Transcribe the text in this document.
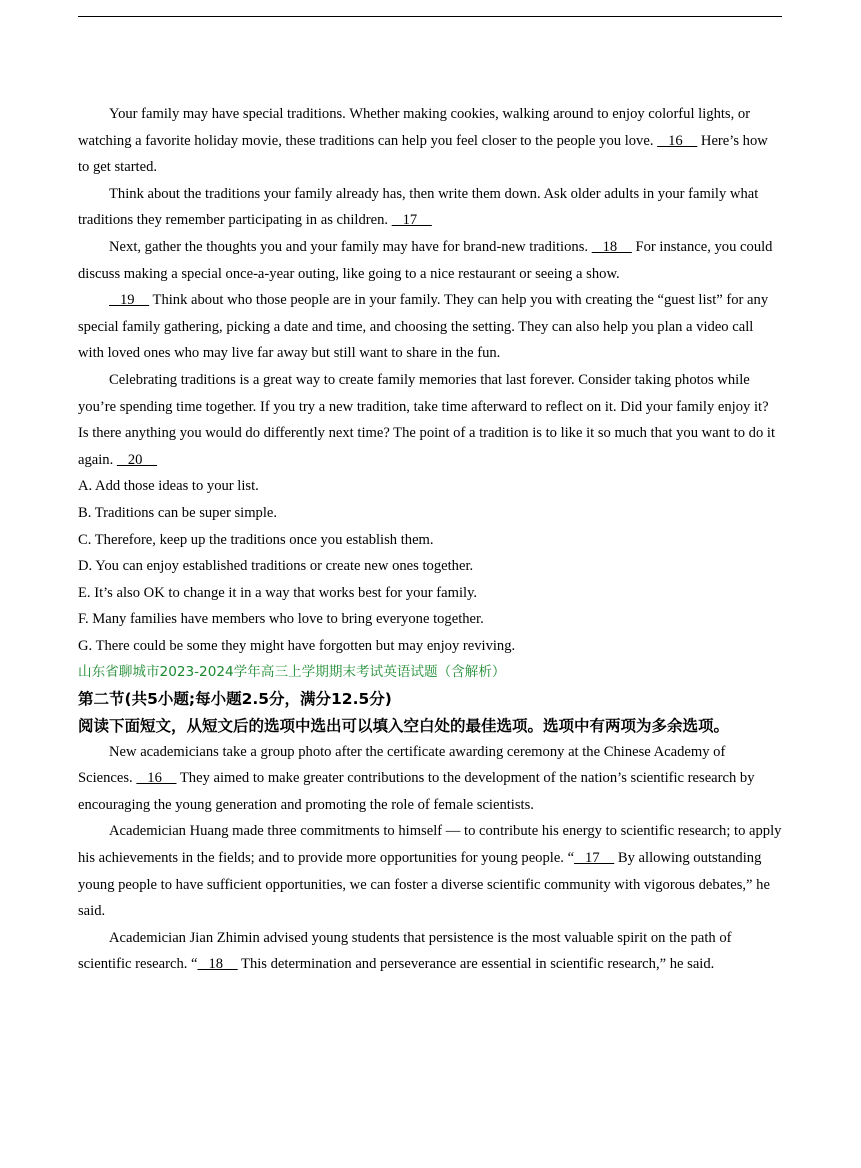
Your family may have special traditions. Whether making cookies, walking around to enjoy colorful lights, or watching a favorite holiday movie, these traditions can help you feel closer to the people you love.    16     Here’s how to get started.

Think about the traditions your family already has, then write them down. Ask older adults in your family what traditions they remember participating in as children.    17

Next, gather the thoughts you and your family may have for brand-new traditions.    18     For instance, you could discuss making a special once-a-year outing, like going to a nice restaurant or seeing a show.

19     Think about who those people are in your family. They can help you with creating the “guest list” for any special family gathering, picking a date and time, and choosing the setting. They can also help you plan a video call with loved ones who may live far away but still want to share in the fun.

Celebrating traditions is a great way to create family memories that last forever. Consider taking photos while you’re spending time together. If you try a new tradition, take time afterward to reflect on it. Did your family enjoy it? Is there anything you would do differently next time? The point of a tradition is to like it so much that you want to do it again.    20

A. Add those ideas to your list.

B. Traditions can be super simple.

C. Therefore, keep up the traditions once you establish them.

D. You can enjoy established traditions or create new ones together.

E. It’s also OK to change it in a way that works best for your family.

F. Many families have members who love to bring everyone together.

G. There could be some they might have forgotten but may enjoy reviving.

山东省聊城市2023-2024学年高三上学期期末考试英语试题（含解析）

第二节(共5小题;每小题2.5分，满分12.5分)

阅读下面短文，从短文后的选项中选出可以填入空白处的最佳选项。选项中有两项为多余选项。

New academicians take a group photo after the certificate awarding ceremony at the Chinese Academy of Sciences.    16     They aimed to make greater contributions to the development of the nation’s scientific research by encouraging the young generation and promoting the role of female scientists.

Academician Huang made three commitments to himself — to contribute his energy to scientific research; to apply his achievements in the fields; and to provide more opportunities for young people. “   17     By allowing outstanding young people to have sufficient opportunities, we can foster a diverse scientific community with vigorous debates,” he said.

Academician Jian Zhimin advised young students that persistence is the most valuable spirit on the path of scientific research. “   18     This determination and perseverance are essential in scientific research,” he said.
